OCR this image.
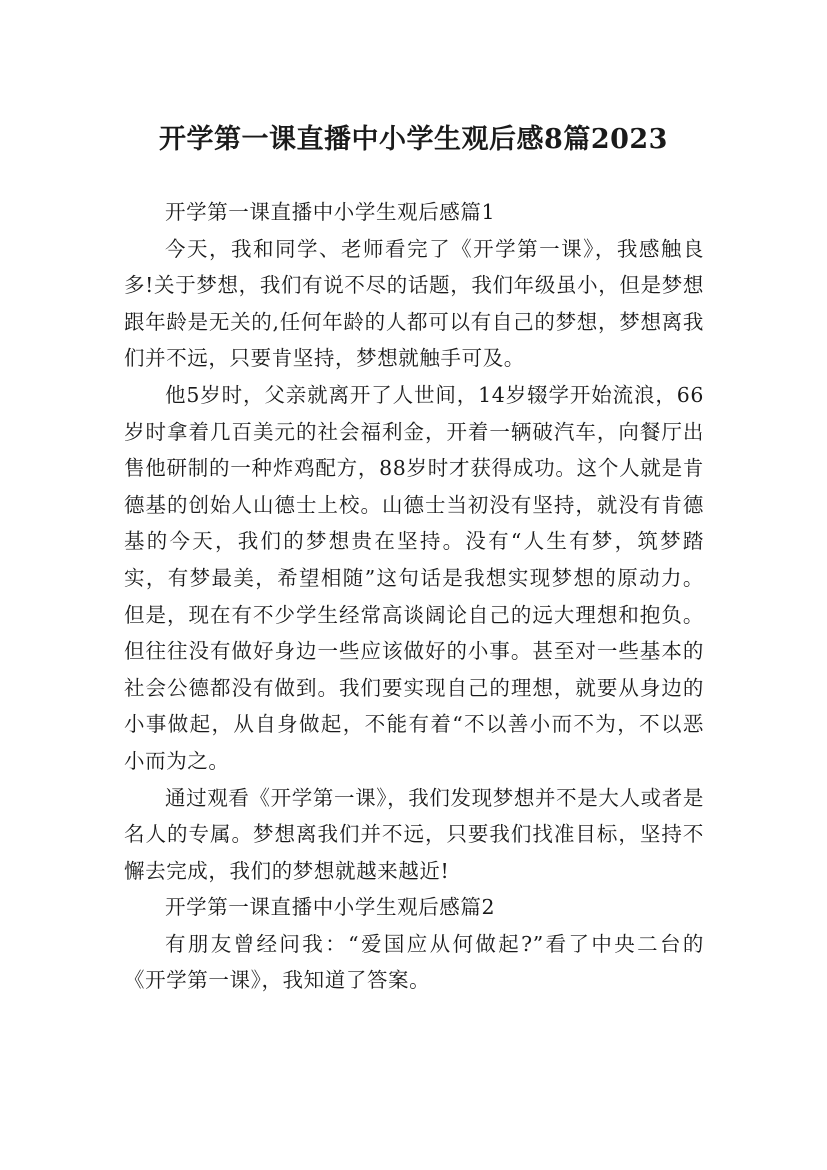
开学第一课直播中小学生观后感8篇2023

开学第一课直播中小学生观后感篇1

今天，我和同学、老师看完了《开学第一课》，我感触良多!关于梦想，我们有说不尽的话题，我们年级虽小，但是梦想跟年龄是无关的,任何年龄的人都可以有自己的梦想，梦想离我们并不远，只要肯坚持，梦想就触手可及。

他5岁时，父亲就离开了人世间，14岁辍学开始流浪，66岁时拿着几百美元的社会福利金，开着一辆破汽车，向餐厅出售他研制的一种炸鸡配方，88岁时才获得成功。这个人就是肯德基的创始人山德士上校。山德士当初没有坚持，就没有肯德基的今天，我们的梦想贵在坚持。没有“人生有梦，筑梦踏实，有梦最美，希望相随”这句话是我想实现梦想的原动力。但是，现在有不少学生经常高谈阔论自己的远大理想和抱负。但往往没有做好身边一些应该做好的小事。甚至对一些基本的社会公德都没有做到。我们要实现自己的理想，就要从身边的小事做起，从自身做起，不能有着“不以善小而不为，不以恶小而为之。

通过观看《开学第一课》，我们发现梦想并不是大人或者是名人的专属。梦想离我们并不远，只要我们找准目标，坚持不懈去完成，我们的梦想就越来越近!

开学第一课直播中小学生观后感篇2

有朋友曾经问我：“爱国应从何做起?”看了中央二台的《开学第一课》，我知道了答案。
